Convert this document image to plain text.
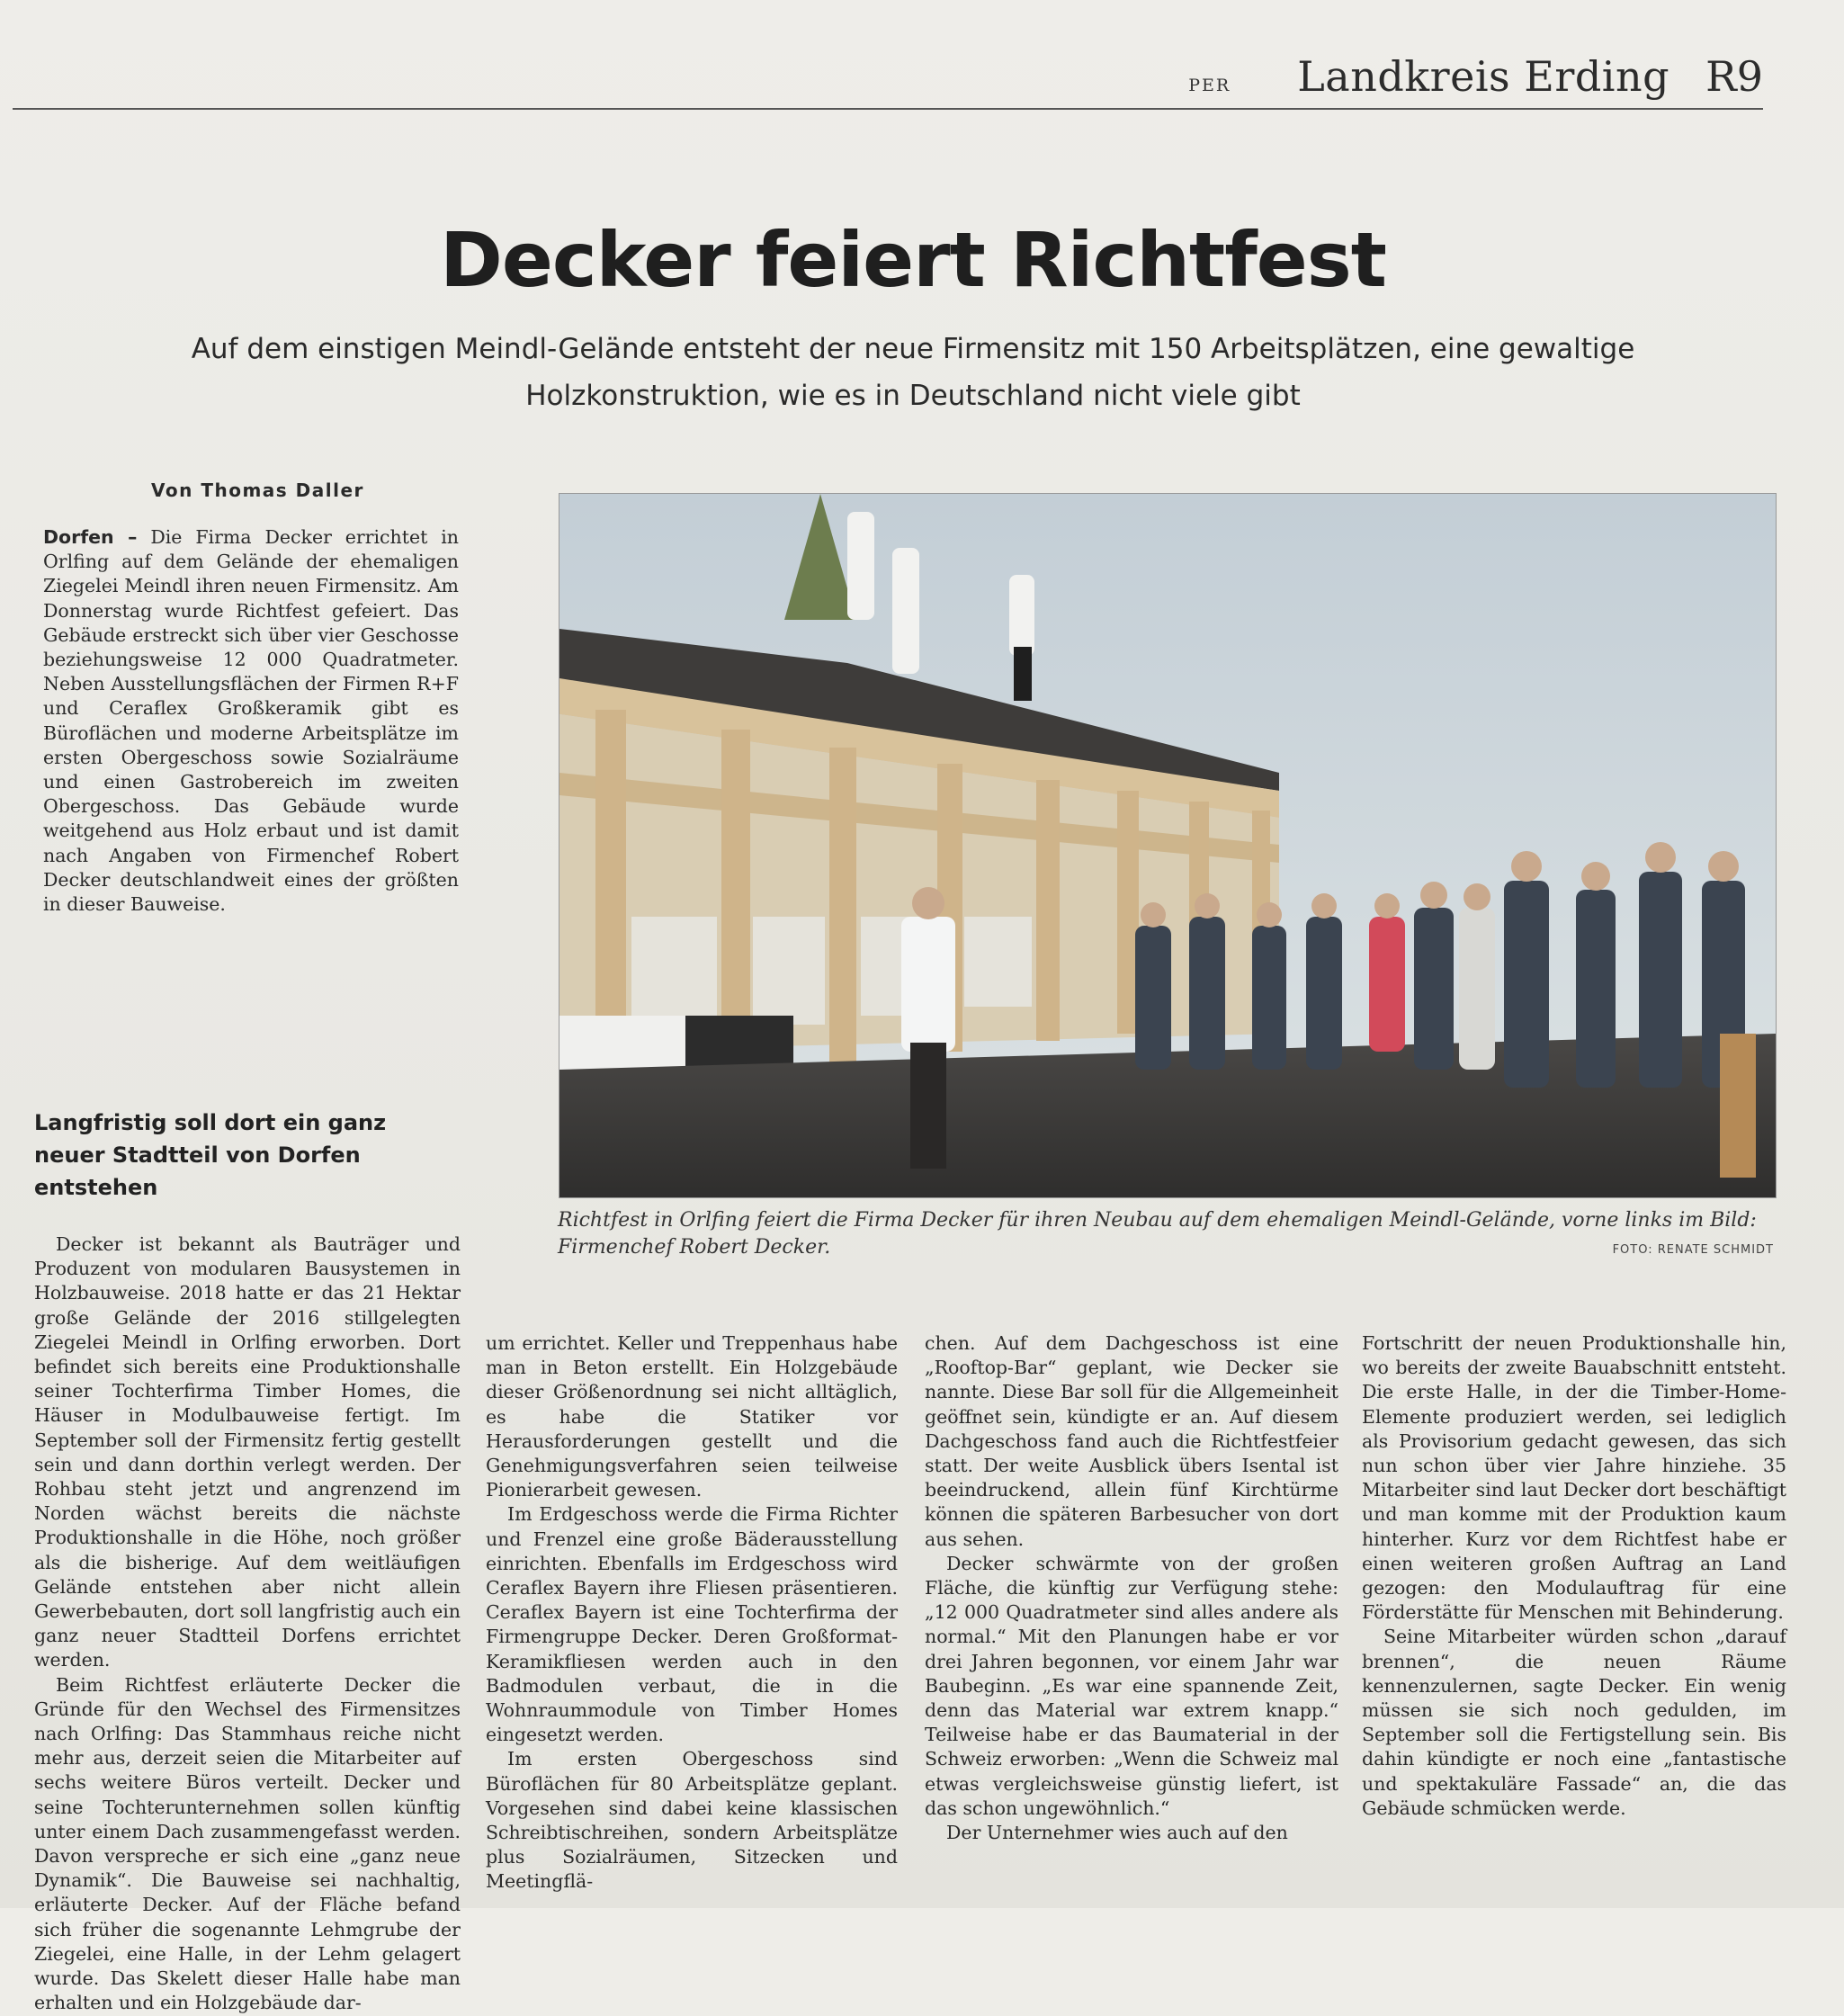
PER Landkreis Erding R9
Decker feiert Richtfest
Auf dem einstigen Meindl-Gelände entsteht der neue Firmensitz mit 150 Arbeitsplätzen, eine gewaltige Holzkonstruktion, wie es in Deutschland nicht viele gibt
Von Thomas Daller

Dorfen – Die Firma Decker errichtet in Orlfing auf dem Gelände der ehemaligen Ziegelei Meindl ihren neuen Firmensitz. Am Donnerstag wurde Richtfest gefeiert. Das Gebäude erstreckt sich über vier Geschosse beziehungsweise 12 000 Quadratmeter. Neben Ausstellungsflächen der Firmen R+F und Ceraflex Großkeramik gibt es Büroflächen und moderne Arbeitsplätze im ersten Obergeschoss sowie Sozialräume und einen Gastrobereich im zweiten Obergeschoss. Das Gebäude wurde weitgehend aus Holz erbaut und ist damit nach Angaben von Firmenchef Robert Decker deutschlandweit eines der größten in dieser Bauweise.

Langfristig soll dort ein ganz neuer Stadtteil von Dorfen entstehen

Decker ist bekannt als Bauträger und Produzent von modularen Bausystemen in Holzbauweise. 2018 hatte er das 21 Hektar große Gelände der 2016 stillgelegten Ziegelei Meindl in Orlfing erworben. Dort befindet sich bereits eine Produktionshalle seiner Tochterfirma Timber Homes, die Häuser in Modulbauweise fertigt. Im September soll der Firmensitz fertig gestellt sein und dann dorthin verlegt werden. Der Rohbau steht jetzt und angrenzend im Norden wächst bereits die nächste Produktionshalle in die Höhe, noch größer als die bisherige. Auf dem weitläufigen Gelände entstehen aber nicht allein Gewerbebauten, dort soll langfristig auch ein ganz neuer Stadtteil Dorfens errichtet werden.

Beim Richtfest erläuterte Decker die Gründe für den Wechsel des Firmensitzes nach Orlfing: Das Stammhaus reiche nicht mehr aus, derzeit seien die Mitarbeiter auf sechs weitere Büros verteilt. Decker und seine Tochterunternehmen sollen künftig unter einem Dach zusammengefasst werden. Davon verspreche er sich eine „ganz neue Dynamik“. Die Bauweise sei nachhaltig, erläuterte Decker. Auf der Fläche befand sich früher die sogenannte Lehmgrube der Ziegelei, eine Halle, in der Lehm gelagert wurde. Das Skelett dieser Halle habe man erhalten und ein Holzgebäude dar-

Richtfest in Orlfing feiert die Firma Decker für ihren Neubau auf dem ehemaligen Meindl-Gelände, vorne links im Bild: Firmenchef Robert Decker.	FOTO: RENATE SCHMIDT

um errichtet. Keller und Treppenhaus habe man in Beton erstellt. Ein Holzgebäude dieser Größenordnung sei nicht alltäglich, es habe die Statiker vor Herausforderungen gestellt und die Genehmigungsverfahren seien teilweise Pionierarbeit gewesen.

Im Erdgeschoss werde die Firma Richter und Frenzel eine große Bäderausstellung einrichten. Ebenfalls im Erdgeschoss wird Ceraflex Bayern ihre Fliesen präsentieren. Ceraflex Bayern ist eine Tochterfirma der Firmengruppe Decker. Deren Großformat-Keramikfliesen werden auch in den Badmodulen verbaut, die in die Wohnraummodule von Timber Homes eingesetzt werden.

Im ersten Obergeschoss sind Büroflächen für 80 Arbeitsplätze geplant. Vorgesehen sind dabei keine klassischen Schreibtischreihen, sondern Arbeitsplätze plus Sozialräumen, Sitzecken und Meetingflä-

chen. Auf dem Dachgeschoss ist eine „Rooftop-Bar“ geplant, wie Decker sie nannte. Diese Bar soll für die Allgemeinheit geöffnet sein, kündigte er an. Auf diesem Dachgeschoss fand auch die Richtfestfeier statt. Der weite Ausblick übers Isental ist beeindruckend, allein fünf Kirchtürme können die späteren Barbesucher von dort aus sehen.

Decker schwärmte von der großen Fläche, die künftig zur Verfügung stehe: „12 000 Quadratmeter sind alles andere als normal.“ Mit den Planungen habe er vor drei Jahren begonnen, vor einem Jahr war Baubeginn. „Es war eine spannende Zeit, denn das Material war extrem knapp.“ Teilweise habe er das Baumaterial in der Schweiz erworben: „Wenn die Schweiz mal etwas vergleichsweise günstig liefert, ist das schon ungewöhnlich.“

Der Unternehmer wies auch auf den

Fortschritt der neuen Produktionshalle hin, wo bereits der zweite Bauabschnitt entsteht. Die erste Halle, in der die Timber-Home-Elemente produziert werden, sei lediglich als Provisorium gedacht gewesen, das sich nun schon über vier Jahre hinziehe. 35 Mitarbeiter sind laut Decker dort beschäftigt und man komme mit der Produktion kaum hinterher. Kurz vor dem Richtfest habe er einen weiteren großen Auftrag an Land gezogen: den Modulauftrag für eine Förderstätte für Menschen mit Behinderung.

Seine Mitarbeiter würden schon „darauf brennen“, die neuen Räume kennenzulernen, sagte Decker. Ein wenig müssen sie sich noch gedulden, im September soll die Fertigstellung sein. Bis dahin kündigte er noch eine „fantastische und spektakuläre Fassade“ an, die das Gebäude schmücken werde.
